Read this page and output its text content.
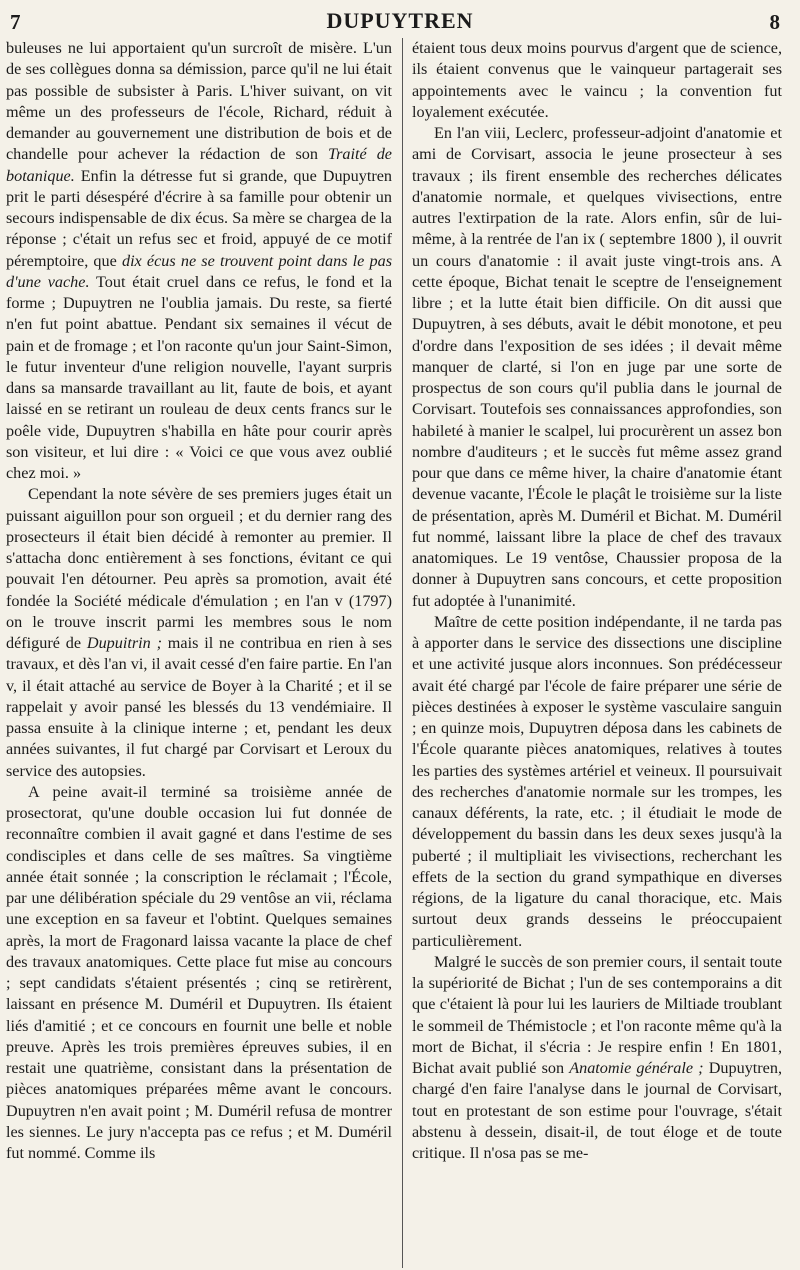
7	DUPUYTREN	8

buleuses ne lui apportaient qu'un surcroît de misère. L'un de ses collègues donna sa démission, parce qu'il ne lui était pas possible de subsister à Paris. L'hiver suivant, on vit même un des professeurs de l'école, Richard, réduit à demander au gouvernement une distribution de bois et de chandelle pour achever la rédaction de son Traité de botanique. Enfin la détresse fut si grande, que Dupuytren prit le parti désespéré d'écrire à sa famille pour obtenir un secours indispensable de dix écus. Sa mère se chargea de la réponse ; c'était un refus sec et froid, appuyé de ce motif péremptoire, que dix écus ne se trouvent point dans le pas d'une vache. Tout était cruel dans ce refus, le fond et la forme ; Dupuytren ne l'oublia jamais. Du reste, sa fierté n'en fut point abattue. Pendant six semaines il vécut de pain et de fromage ; et l'on raconte qu'un jour Saint-Simon, le futur inventeur d'une religion nouvelle, l'ayant surpris dans sa mansarde travaillant au lit, faute de bois, et ayant laissé en se retirant un rouleau de deux cents francs sur le poêle vide, Dupuytren s'habilla en hâte pour courir après son visiteur, et lui dire : « Voici ce que vous avez oublié chez moi. »

Cependant la note sévère de ses premiers juges était un puissant aiguillon pour son orgueil ; et du dernier rang des prosecteurs il était bien décidé à remonter au premier. Il s'attacha donc entièrement à ses fonctions, évitant ce qui pouvait l'en détourner. Peu après sa promotion, avait été fondée la Société médicale d'émulation ; en l'an v (1797) on le trouve inscrit parmi les membres sous le nom défiguré de Dupuitrin ; mais il ne contribua en rien à ses travaux, et dès l'an vi, il avait cessé d'en faire partie. En l'an v, il était attaché au service de Boyer à la Charité ; et il se rappelait y avoir pansé les blessés du 13 vendémiaire. Il passa ensuite à la clinique interne ; et, pendant les deux années suivantes, il fut chargé par Corvisart et Leroux du service des autopsies.

A peine avait-il terminé sa troisième année de prosectorat, qu'une double occasion lui fut donnée de reconnaître combien il avait gagné et dans l'estime de ses condisciples et dans celle de ses maîtres. Sa vingtième année était sonnée ; la conscription le réclamait ; l'École, par une délibération spéciale du 29 ventôse an vii, réclama une exception en sa faveur et l'obtint. Quelques semaines après, la mort de Fragonard laissa vacante la place de chef des travaux anatomiques. Cette place fut mise au concours ; sept candidats s'étaient présentés ; cinq se retirèrent, laissant en présence M. Duméril et Dupuytren. Ils étaient liés d'amitié ; et ce concours en fournit une belle et noble preuve. Après les trois premières épreuves subies, il en restait une quatrième, consistant dans la présentation de pièces anatomiques préparées même avant le concours. Dupuytren n'en avait point ; M. Duméril refusa de montrer les siennes. Le jury n'accepta pas ce refus ; et M. Duméril fut nommé. Comme ils

étaient tous deux moins pourvus d'argent que de science, ils étaient convenus que le vainqueur partagerait ses appointements avec le vaincu ; la convention fut loyalement exécutée.

En l'an viii, Leclerc, professeur-adjoint d'anatomie et ami de Corvisart, associa le jeune prosecteur à ses travaux ; ils firent ensemble des recherches délicates d'anatomie normale, et quelques vivisections, entre autres l'extirpation de la rate. Alors enfin, sûr de lui-même, à la rentrée de l'an ix ( septembre 1800 ), il ouvrit un cours d'anatomie : il avait juste vingt-trois ans. A cette époque, Bichat tenait le sceptre de l'enseignement libre ; et la lutte était bien difficile. On dit aussi que Dupuytren, à ses débuts, avait le débit monotone, et peu d'ordre dans l'exposition de ses idées ; il devait même manquer de clarté, si l'on en juge par une sorte de prospectus de son cours qu'il publia dans le journal de Corvisart. Toutefois ses connaissances approfondies, son habileté à manier le scalpel, lui procurèrent un assez bon nombre d'auditeurs ; et le succès fut même assez grand pour que dans ce même hiver, la chaire d'anatomie étant devenue vacante, l'École le plaçât le troisième sur la liste de présentation, après M. Duméril et Bichat. M. Duméril fut nommé, laissant libre la place de chef des travaux anatomiques. Le 19 ventôse, Chaussier proposa de la donner à Dupuytren sans concours, et cette proposition fut adoptée à l'unanimité.

Maître de cette position indépendante, il ne tarda pas à apporter dans le service des dissections une discipline et une activité jusque alors inconnues. Son prédécesseur avait été chargé par l'école de faire préparer une série de pièces destinées à exposer le système vasculaire sanguin ; en quinze mois, Dupuytren déposa dans les cabinets de l'École quarante pièces anatomiques, relatives à toutes les parties des systèmes artériel et veineux. Il poursuivait des recherches d'anatomie normale sur les trompes, les canaux déférents, la rate, etc. ; il étudiait le mode de développement du bassin dans les deux sexes jusqu'à la puberté ; il multipliait les vivisections, recherchant les effets de la section du grand sympathique en diverses régions, de la ligature du canal thoracique, etc. Mais surtout deux grands desseins le préoccupaient particulièrement.

Malgré le succès de son premier cours, il sentait toute la supériorité de Bichat ; l'un de ses contemporains a dit que c'étaient là pour lui les lauriers de Miltiade troublant le sommeil de Thémistocle ; et l'on raconte même qu'à la mort de Bichat, il s'écria : Je respire enfin ! En 1801, Bichat avait publié son Anatomie générale ; Dupuytren, chargé d'en faire l'analyse dans le journal de Corvisart, tout en protestant de son estime pour l'ouvrage, s'était abstenu à dessein, disait-il, de tout éloge et de toute critique. Il n'osa pas se me-
